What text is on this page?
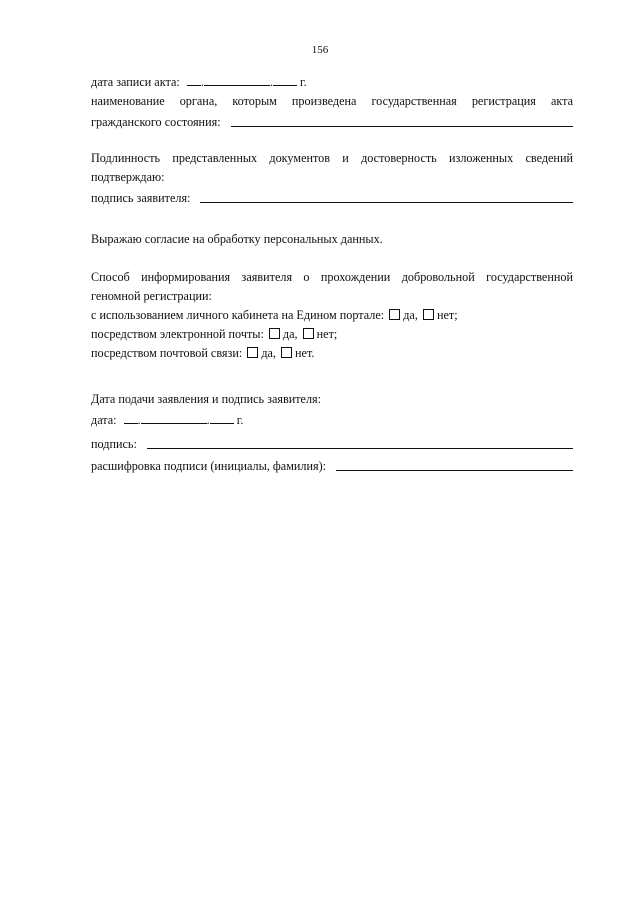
156
дата записи акта: .	. г.
наименование органа, которым произведена государственная регистрация акта
гражданского состояния:
Подлинность представленных документов и достоверность изложенных сведений
подтверждаю:
подпись заявителя:
Выражаю согласие на обработку персональных данных.
Способ информирования заявителя о прохождении добровольной государственной
геномной регистрации:
с использованием личного кабинета на Едином портале: да, нет;
посредством электронной почты: да, нет;
посредством почтовой связи: да, нет.
Дата подачи заявления и подпись заявителя:
дата: .	. г.
подпись:
расшифровка подписи (инициалы, фамилия):
